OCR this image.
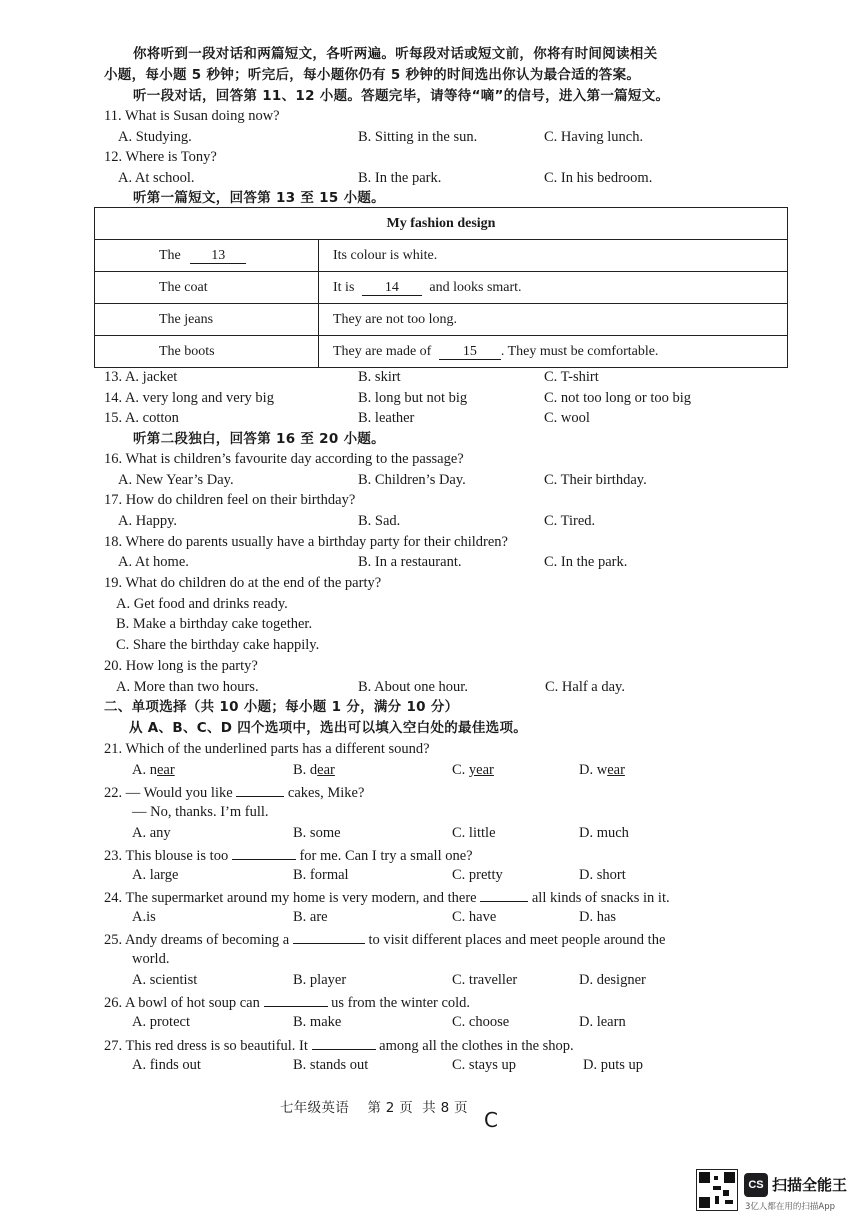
你将听到一段对话和两篇短文，各听两遍。听每段对话或短文前，你将有时间阅读相关
小题，每小题 5 秒钟；听完后，每小题你仍有 5 秒钟的时间选出你认为最合适的答案。
听一段对话，回答第 11、12 小题。答题完毕，请等待“嘀”的信号，进入第一篇短文。
11. What is Susan doing now?
A. Studying.	B. Sitting in the sun.	C. Having lunch.
12. Where is Tony?
A. At school.	B. In the park.	C. In his bedroom.
听第一篇短文，回答第 13 至 15 小题。
My fashion design	
The 13	Its colour is white.
The coat	It is 14 and looks smart.
The jeans	They are not too long.
The boots	They are made of 15 . They must be comfortable.
13. A. jacket	B. skirt	C. T-shirt
14. A. very long and very big	B. long but not big	C. not too long or too big
15. A. cotton	B. leather	C. wool
听第二段独白，回答第 16 至 20 小题。
16. What is children’s favourite day according to the passage?
A. New Year’s Day.	B. Children’s Day.	C. Their birthday.
17. How do children feel on their birthday?
A. Happy.	B. Sad.	C. Tired.
18. Where do parents usually have a birthday party for their children?
A. At home.	B. In a restaurant.	C. In the park.
19. What do children do at the end of the party?
A. Get food and drinks ready.
B. Make a birthday cake together.
C. Share the birthday cake happily.
20. How long is the party?
A. More than two hours.	B. About one hour.	C. Half a day.
二、单项选择（共 10 小题；每小题 1 分，满分 10 分）
从 A、B、C、D 四个选项中，选出可以填入空白处的最佳选项。
21. Which of the underlined parts has a different sound?
A. near	B. dear	C. year	D. wear
22. — Would you like	cakes, Mike?
— No, thanks. I’m full.
A. any	B. some	C. little	D. much
23. This blouse is too	for me. Can I try a small one?
A. large	B. formal	C. pretty	D. short
24. The supermarket around my home is very modern, and there	all kinds of snacks in it.
A.is	B. are	C. have	D. has
25. Andy dreams of becoming a	to visit different places and meet people around the
world.
A. scientist	B. player	C. traveller	D. designer
26. A bowl of hot soup can	us from the winter cold.
A. protect	B. make	C. choose	D. learn
27. This red dress is so beautiful. It	among all the clothes in the shop.
A. finds out	B. stands out	C. stays up	D. puts up
七年级英语    第 2 页  共 8 页 C
CS 扫描全能王
3亿人都在用的扫描App
